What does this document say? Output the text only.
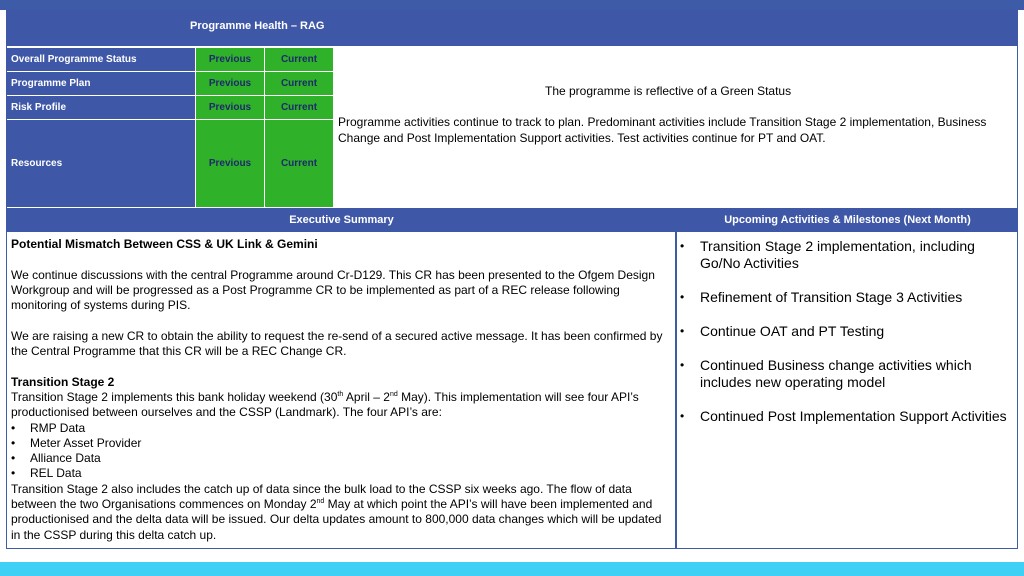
Programme Health – RAG
Overall Programme Status	Previous	Current
Programme Plan	Previous	Current
Risk Profile	Previous	Current
Resources	Previous	Current
The programme is reflective of a Green Status
Programme activities continue to track to plan. Predominant activities include Transition Stage 2 implementation, Business Change and Post Implementation Support activities. Test activities continue for PT and OAT.
Executive Summary	Upcoming Activities & Milestones (Next Month)

Potential Mismatch Between CSS & UK Link & Gemini

We continue discussions with the central Programme around Cr-D129. This CR has been presented to the Ofgem Design Workgroup and will be progressed as a Post Programme CR to be implemented as part of a REC release following monitoring of systems during PIS.

We are raising a new CR to obtain the ability to request the re-send of a secured active message. It has been confirmed by the Central Programme that this CR will be a REC Change CR.

Transition Stage 2

Transition Stage 2 implements this bank holiday weekend (30th April – 2nd May). This implementation will see four API’s productionised between ourselves and the CSSP (Landmark). The four API’s are:

• RMP Data
• Meter Asset Provider
• Alliance Data
• REL Data

Transition Stage 2 also includes the catch up of data since the bulk load to the CSSP six weeks ago. The flow of data between the two Organisations commences on Monday 2nd May at which point the API’s will have been implemented and productionised and the delta data will be issued. Our delta updates amount to 800,000 data changes which will be updated in the CSSP during this delta catch up.

• Transition Stage 2 implementation, including Go/No Activities
• Refinement of Transition Stage 3 Activities
• Continue OAT and PT Testing
• Continued Business change activities which includes new operating model
• Continued Post Implementation Support Activities
